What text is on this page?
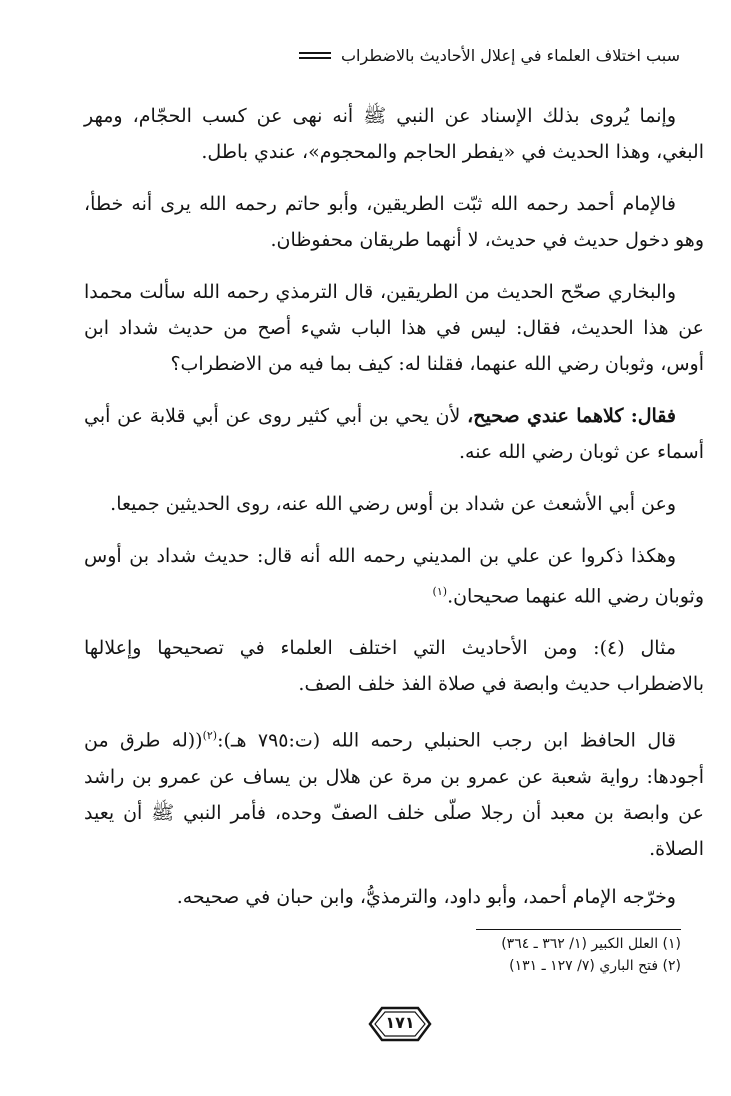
سبب اختلاف العلماء في إعلال الأحاديث بالاضطراب

وإنما يُروى بذلك الإسناد عن النبي ﷺ أنه نهى عن كسب الحجّام، ومهر البغي، وهذا الحديث في «يفطر الحاجم والمحجوم»، عندي باطل.

فالإمام أحمد رحمه الله ثبّت الطريقين، وأبو حاتم رحمه الله يرى أنه خطأ، وهو دخول حديث في حديث، لا أنهما طريقان محفوظان.

والبخاري صحّح الحديث من الطريقين، قال الترمذي رحمه الله سألت محمدا عن هذا الحديث، فقال: ليس في هذا الباب شيء أصح من حديث شداد ابن أوس، وثوبان رضي الله عنهما، فقلنا له: كيف بما فيه من الاضطراب؟

فقال: كلاهما عندي صحيح، لأن يحي بن أبي كثير روى عن أبي قلابة عن أبي أسماء عن ثوبان رضي الله عنه.

وعن أبي الأشعث عن شداد بن أوس رضي الله عنه، روى الحديثين جميعا.

وهكذا ذكروا عن علي بن المديني رحمه الله أنه قال: حديث شداد بن أوس وثوبان رضي الله عنهما صحيحان.$^{(١)}$

مثال (٤): ومن الأحاديث التي اختلف العلماء في تصحيحها وإعلالها بالاضطراب حديث وابصة في صلاة الفذ خلف الصف.

قال الحافظ ابن رجب الحنبلي رحمه الله (ت:٧٩٥ هـ):$^{(٢)}$((له طرق من أجودها: رواية شعبة عن عمرو بن مرة عن هلال بن يساف عن عمرو بن راشد عن وابصة بن معبد أن رجلا صلّى خلف الصفّ وحده، فأمر النبي ﷺ أن يعيد الصلاة.

وخرّجه الإمام أحمد، وأبو داود، والترمذيُّ، وابن حبان في صحيحه.

(١) العلل الكبير (١/ ٣٦٢ ـ ٣٦٤)
(٢) فتح الباري (٧/ ١٢٧ ـ ١٣١)
١٧١
